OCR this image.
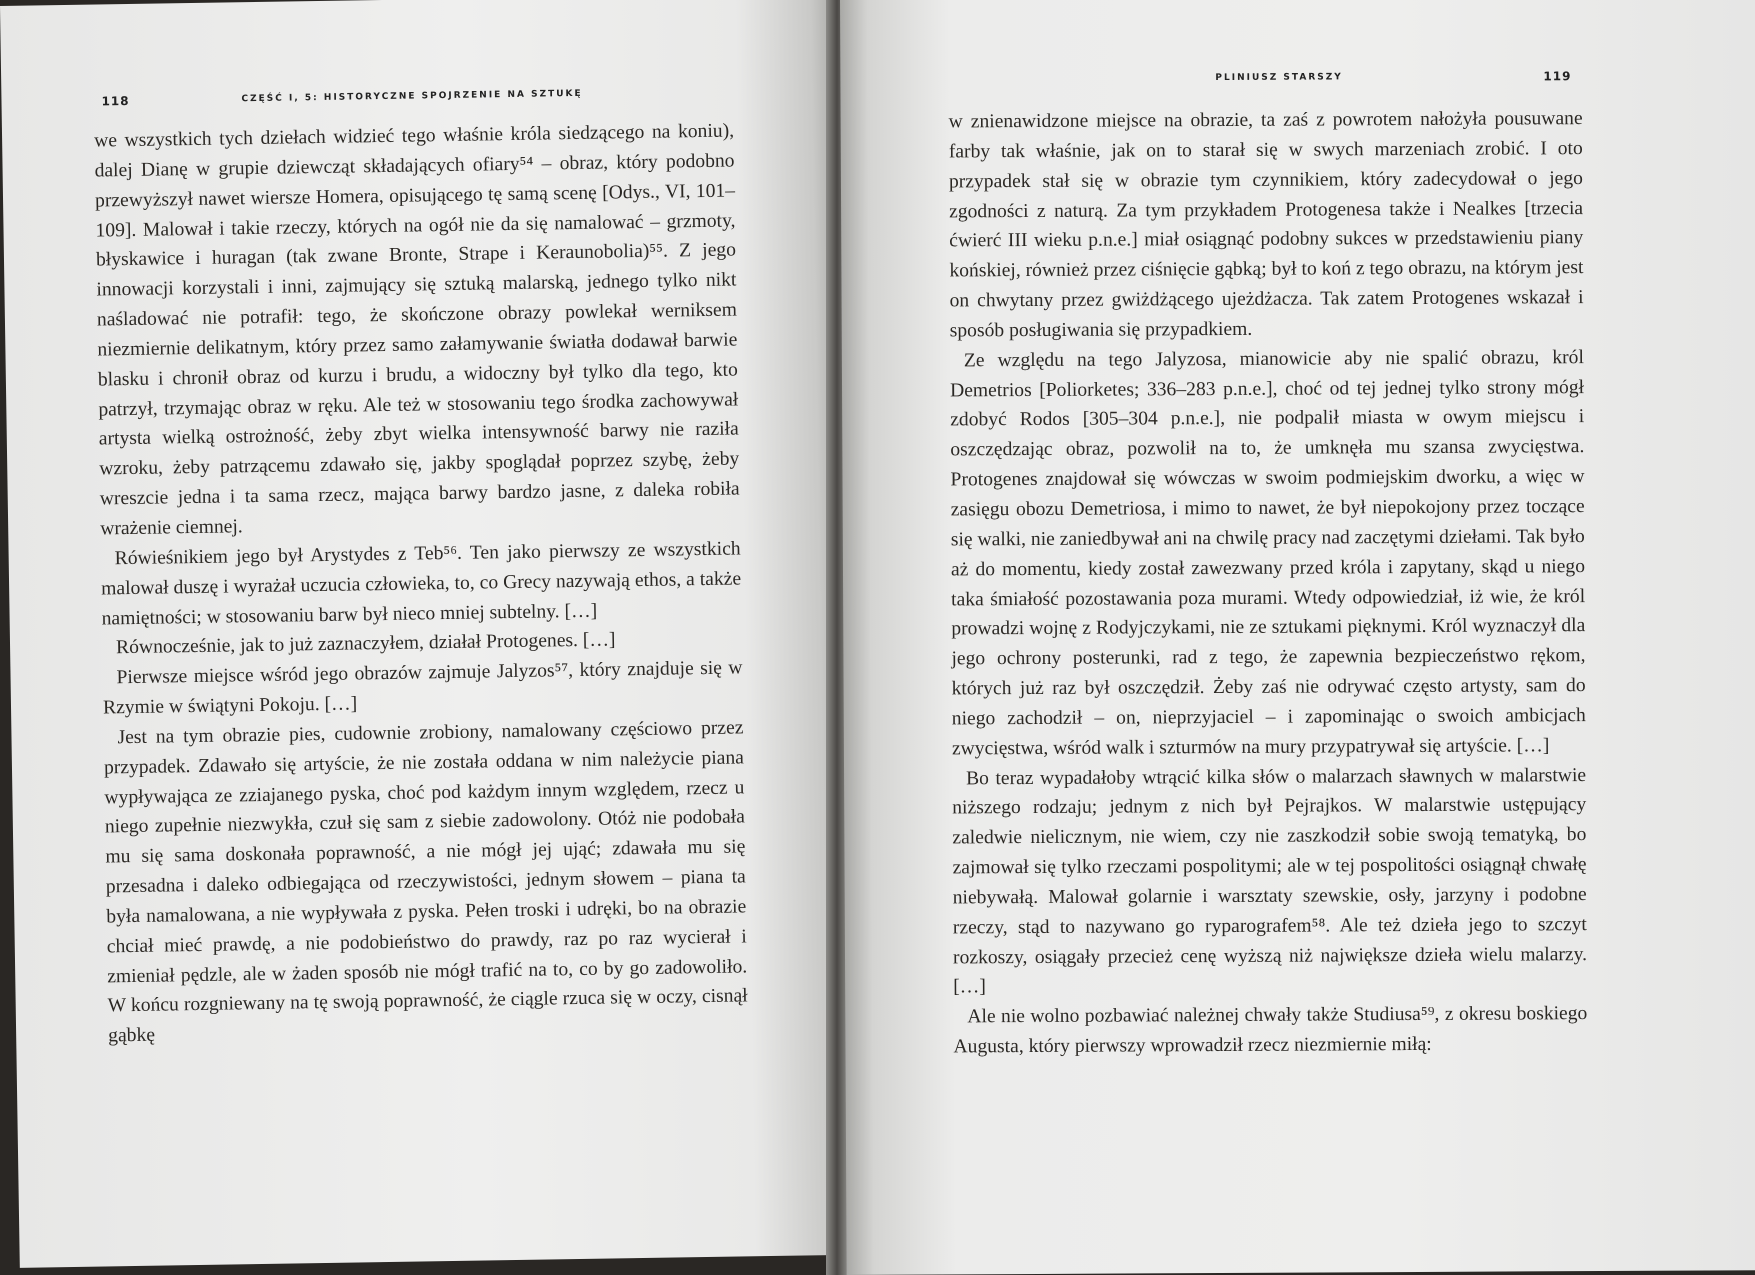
118	CZĘŚĆ I, 5: HISTORYCZNE SPOJRZENIE NA SZTUKĘ

we wszystkich tych dziełach widzieć tego właśnie króla siedzącego na koniu), dalej Dianę w grupie dziewcząt składających ofiary⁵⁴ – obraz, który podobno przewyższył nawet wiersze Homera, opisującego tę samą scenę [Odys., VI, 101–109]. Malował i takie rzeczy, których na ogół nie da się namalować – grzmoty, błyskawice i huragan (tak zwane Bronte, Strape i Keraunobolia)⁵⁵. Z jego innowacji korzystali i inni, zajmujący się sztuką malarską, jednego tylko nikt naśladować nie potrafił: tego, że skończone obrazy powlekał werniksem niezmiernie delikatnym, który przez samo załamywanie światła dodawał barwie blasku i chronił obraz od kurzu i brudu, a widoczny był tylko dla tego, kto patrzył, trzymając obraz w ręku. Ale też w stosowaniu tego środka zachowywał artysta wielką ostrożność, żeby zbyt wielka intensywność barwy nie raziła wzroku, żeby patrzącemu zdawało się, jakby spoglądał poprzez szybę, żeby wreszcie jedna i ta sama rzecz, mająca barwy bardzo jasne, z daleka robiła wrażenie ciemnej.

Rówieśnikiem jego był Arystydes z Teb⁵⁶. Ten jako pierwszy ze wszystkich malował duszę i wyrażał uczucia człowieka, to, co Grecy nazywają ethos, a także namiętności; w stosowaniu barw był nieco mniej subtelny. […]

Równocześnie, jak to już zaznaczyłem, działał Protogenes. […]

Pierwsze miejsce wśród jego obrazów zajmuje Jalyzos⁵⁷, który znajduje się w Rzymie w świątyni Pokoju. […]

Jest na tym obrazie pies, cudownie zrobiony, namalowany częściowo przez przypadek. Zdawało się artyście, że nie została oddana w nim należycie piana wypływająca ze zziajanego pyska, choć pod każdym innym względem, rzecz u niego zupełnie niezwykła, czuł się sam z siebie zadowolony. Otóż nie podobała mu się sama doskonała poprawność, a nie mógł jej ująć; zdawała mu się przesadna i daleko odbiegająca od rzeczywistości, jednym słowem – piana ta była namalowana, a nie wypływała z pyska. Pełen troski i udręki, bo na obrazie chciał mieć prawdę, a nie podobieństwo do prawdy, raz po raz wycierał i zmieniał pędzle, ale w żaden sposób nie mógł trafić na to, co by go zadowoliło. W końcu rozgniewany na tę swoją poprawność, że ciągle rzuca się w oczy, cisnął gąbkę

PLINIUSZ STARSZY	119

w znienawidzone miejsce na obrazie, ta zaś z powrotem nałożyła pousuwane farby tak właśnie, jak on to starał się w swych marzeniach zrobić. I oto przypadek stał się w obrazie tym czynnikiem, który zadecydował o jego zgodności z naturą. Za tym przykładem Protogenesa także i Nealkes [trzecia ćwierć III wieku p.n.e.] miał osiągnąć podobny sukces w przedstawieniu piany końskiej, również przez ciśnięcie gąbką; był to koń z tego obrazu, na którym jest on chwytany przez gwiżdżącego ujeżdżacza. Tak zatem Protogenes wskazał i sposób posługiwania się przypadkiem.

Ze względu na tego Jalyzosa, mianowicie aby nie spalić obrazu, król Demetrios [Poliorketes; 336–283 p.n.e.], choć od tej jednej tylko strony mógł zdobyć Rodos [305–304 p.n.e.], nie podpalił miasta w owym miejscu i oszczędzając obraz, pozwolił na to, że umknęła mu szansa zwycięstwa. Protogenes znajdował się wówczas w swoim podmiejskim dworku, a więc w zasięgu obozu Demetriosa, i mimo to nawet, że był niepokojony przez toczące się walki, nie zaniedbywał ani na chwilę pracy nad zaczętymi dziełami. Tak było aż do momentu, kiedy został zawezwany przed króla i zapytany, skąd u niego taka śmiałość pozostawania poza murami. Wtedy odpowiedział, iż wie, że król prowadzi wojnę z Rodyjczykami, nie ze sztukami pięknymi. Król wyznaczył dla jego ochrony posterunki, rad z tego, że zapewnia bezpieczeństwo rękom, których już raz był oszczędził. Żeby zaś nie odrywać często artysty, sam do niego zachodził – on, nieprzyjaciel – i zapominając o swoich ambicjach zwycięstwa, wśród walk i szturmów na mury przypatrywał się artyście. […]

Bo teraz wypadałoby wtrącić kilka słów o malarzach sławnych w malarstwie niższego rodzaju; jednym z nich był Pejrajkos. W malarstwie ustępujący zaledwie nielicznym, nie wiem, czy nie zaszkodził sobie swoją tematyką, bo zajmował się tylko rzeczami pospolitymi; ale w tej pospolitości osiągnął chwałę niebywałą. Malował golarnie i warsztaty szewskie, osły, jarzyny i podobne rzeczy, stąd to nazywano go ryparografem⁵⁸. Ale też dzieła jego to szczyt rozkoszy, osiągały przecież cenę wyższą niż największe dzieła wielu malarzy. […]

Ale nie wolno pozbawiać należnej chwały także Studiusa⁵⁹, z okresu boskiego Augusta, który pierwszy wprowadził rzecz niezmiernie miłą:
